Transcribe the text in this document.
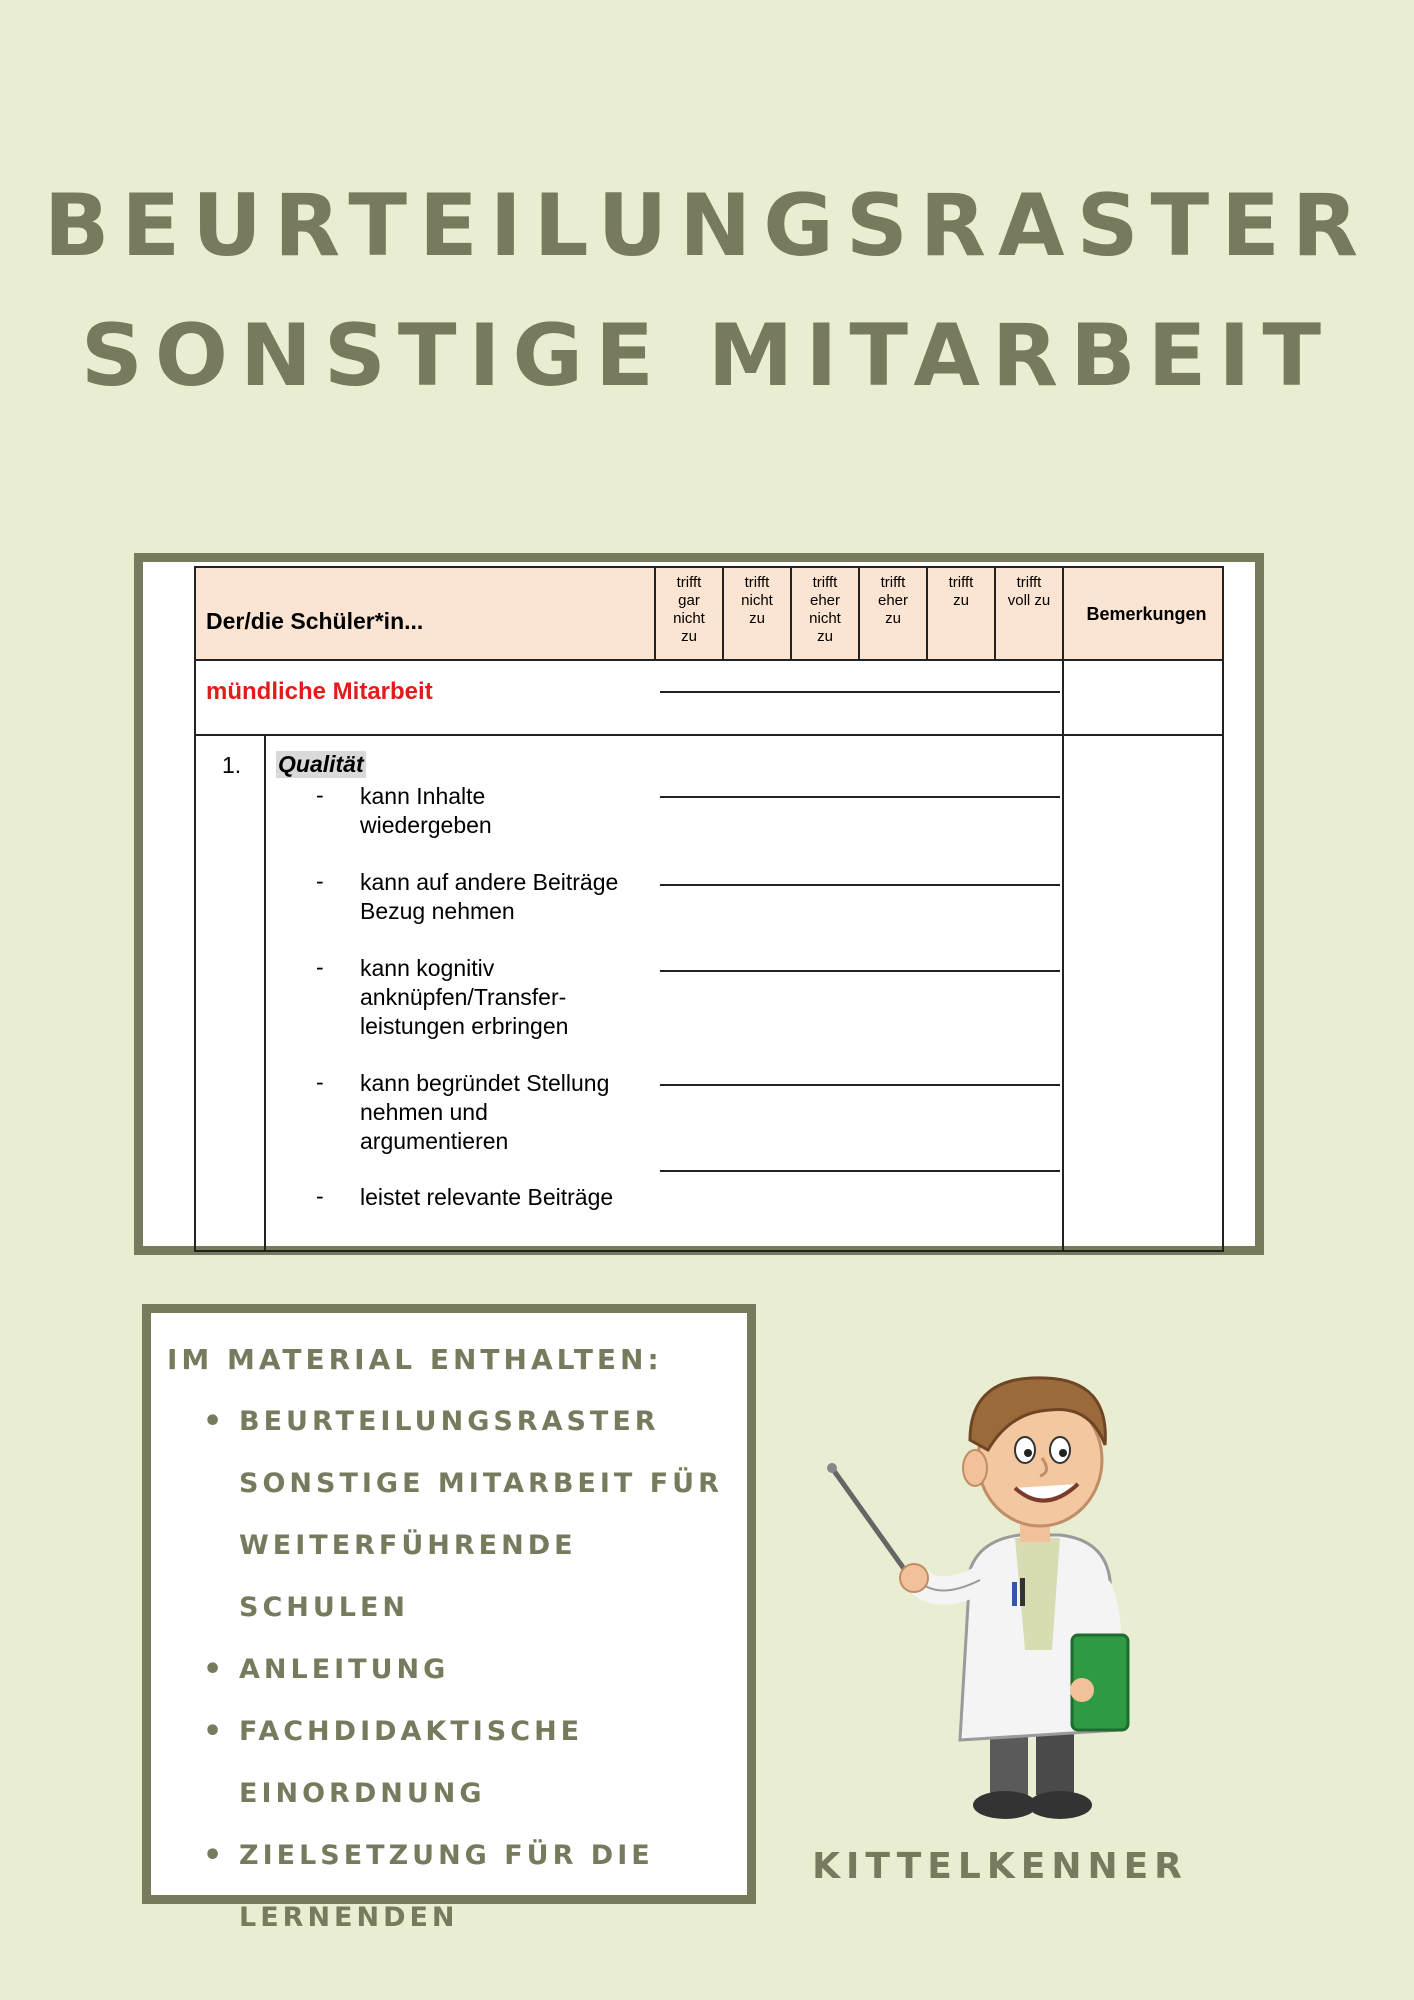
BEURTEILUNGSRASTER
SONSTIGE MITARBEIT
Der/die Schüler*in...
trifft
gar
nicht
zu
trifft
nicht
zu
trifft
eher
nicht
zu
trifft
eher
zu
trifft
zu
trifft
voll zu
Bemerkungen
mündliche Mitarbeit
1. Qualität
- kann Inhalte
wiedergeben
- kann auf andere Beiträge
Bezug nehmen
- kann kognitiv
anknüpfen/Transfer-
leistungen erbringen
- kann begründet Stellung
nehmen und
argumentieren
- leistet relevante Beiträge
IM MATERIAL ENTHALTEN:
• BEURTEILUNGSRASTER
SONSTIGE MITARBEIT FÜR
WEITERFÜHRENDE SCHULEN
• ANLEITUNG
• FACHDIDAKTISCHE
EINORDNUNG
• ZIELSETZUNG FÜR DIE
LERNENDEN
KITTELKENNER
